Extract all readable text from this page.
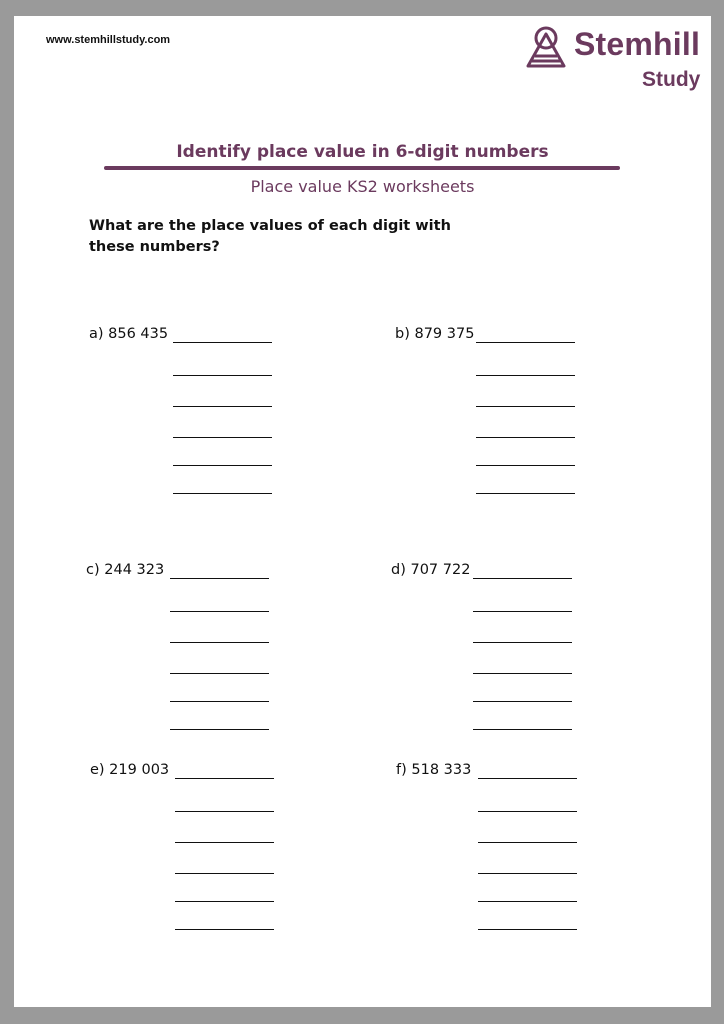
www.stemhillstudy.com	Stemhill
Study
Identify place value in 6-digit numbers
Place value KS2 worksheets
What are the place values of each digit with these numbers?
a) 856 435	b) 879 375
c) 244 323	d) 707 722
e) 219 003	f) 518 333
